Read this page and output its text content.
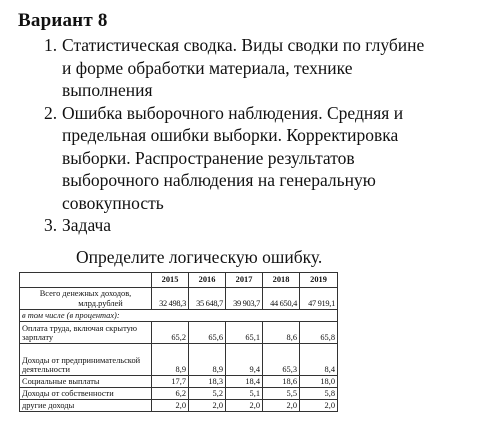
Вариант 8
1. Статистическая сводка. Виды сводки по глубине
и форме обработки материала, технике
выполнения
2. Ошибка выборочного наблюдения. Средняя и
предельная ошибки выборки. Корректировка
выборки. Распространение результатов
выборочного наблюдения на генеральную
совокупность
3. Задача
Определите логическую ошибку.
	2015	2016	2017	2018	2019

Всего денежных доходов,
млрд.рублей	32 498,3	35 648,7	39 903,7	44 650,4	47 919,1
в том числе (в процентах):					
Оплата труда, включая скрытую зарплату	65,2	65,6	65,1	8,6	65,8
Доходы от предпринимательской деятельности	8,9	8,9	9,4	65,3	8,4
Социальные выплаты	17,7	18,3	18,4	18,6	18,0
Доходы от собственности	6,2	5,2	5,1	5,5	5,8
другие доходы	2,0	2,0	2,0	2,0	2,0
